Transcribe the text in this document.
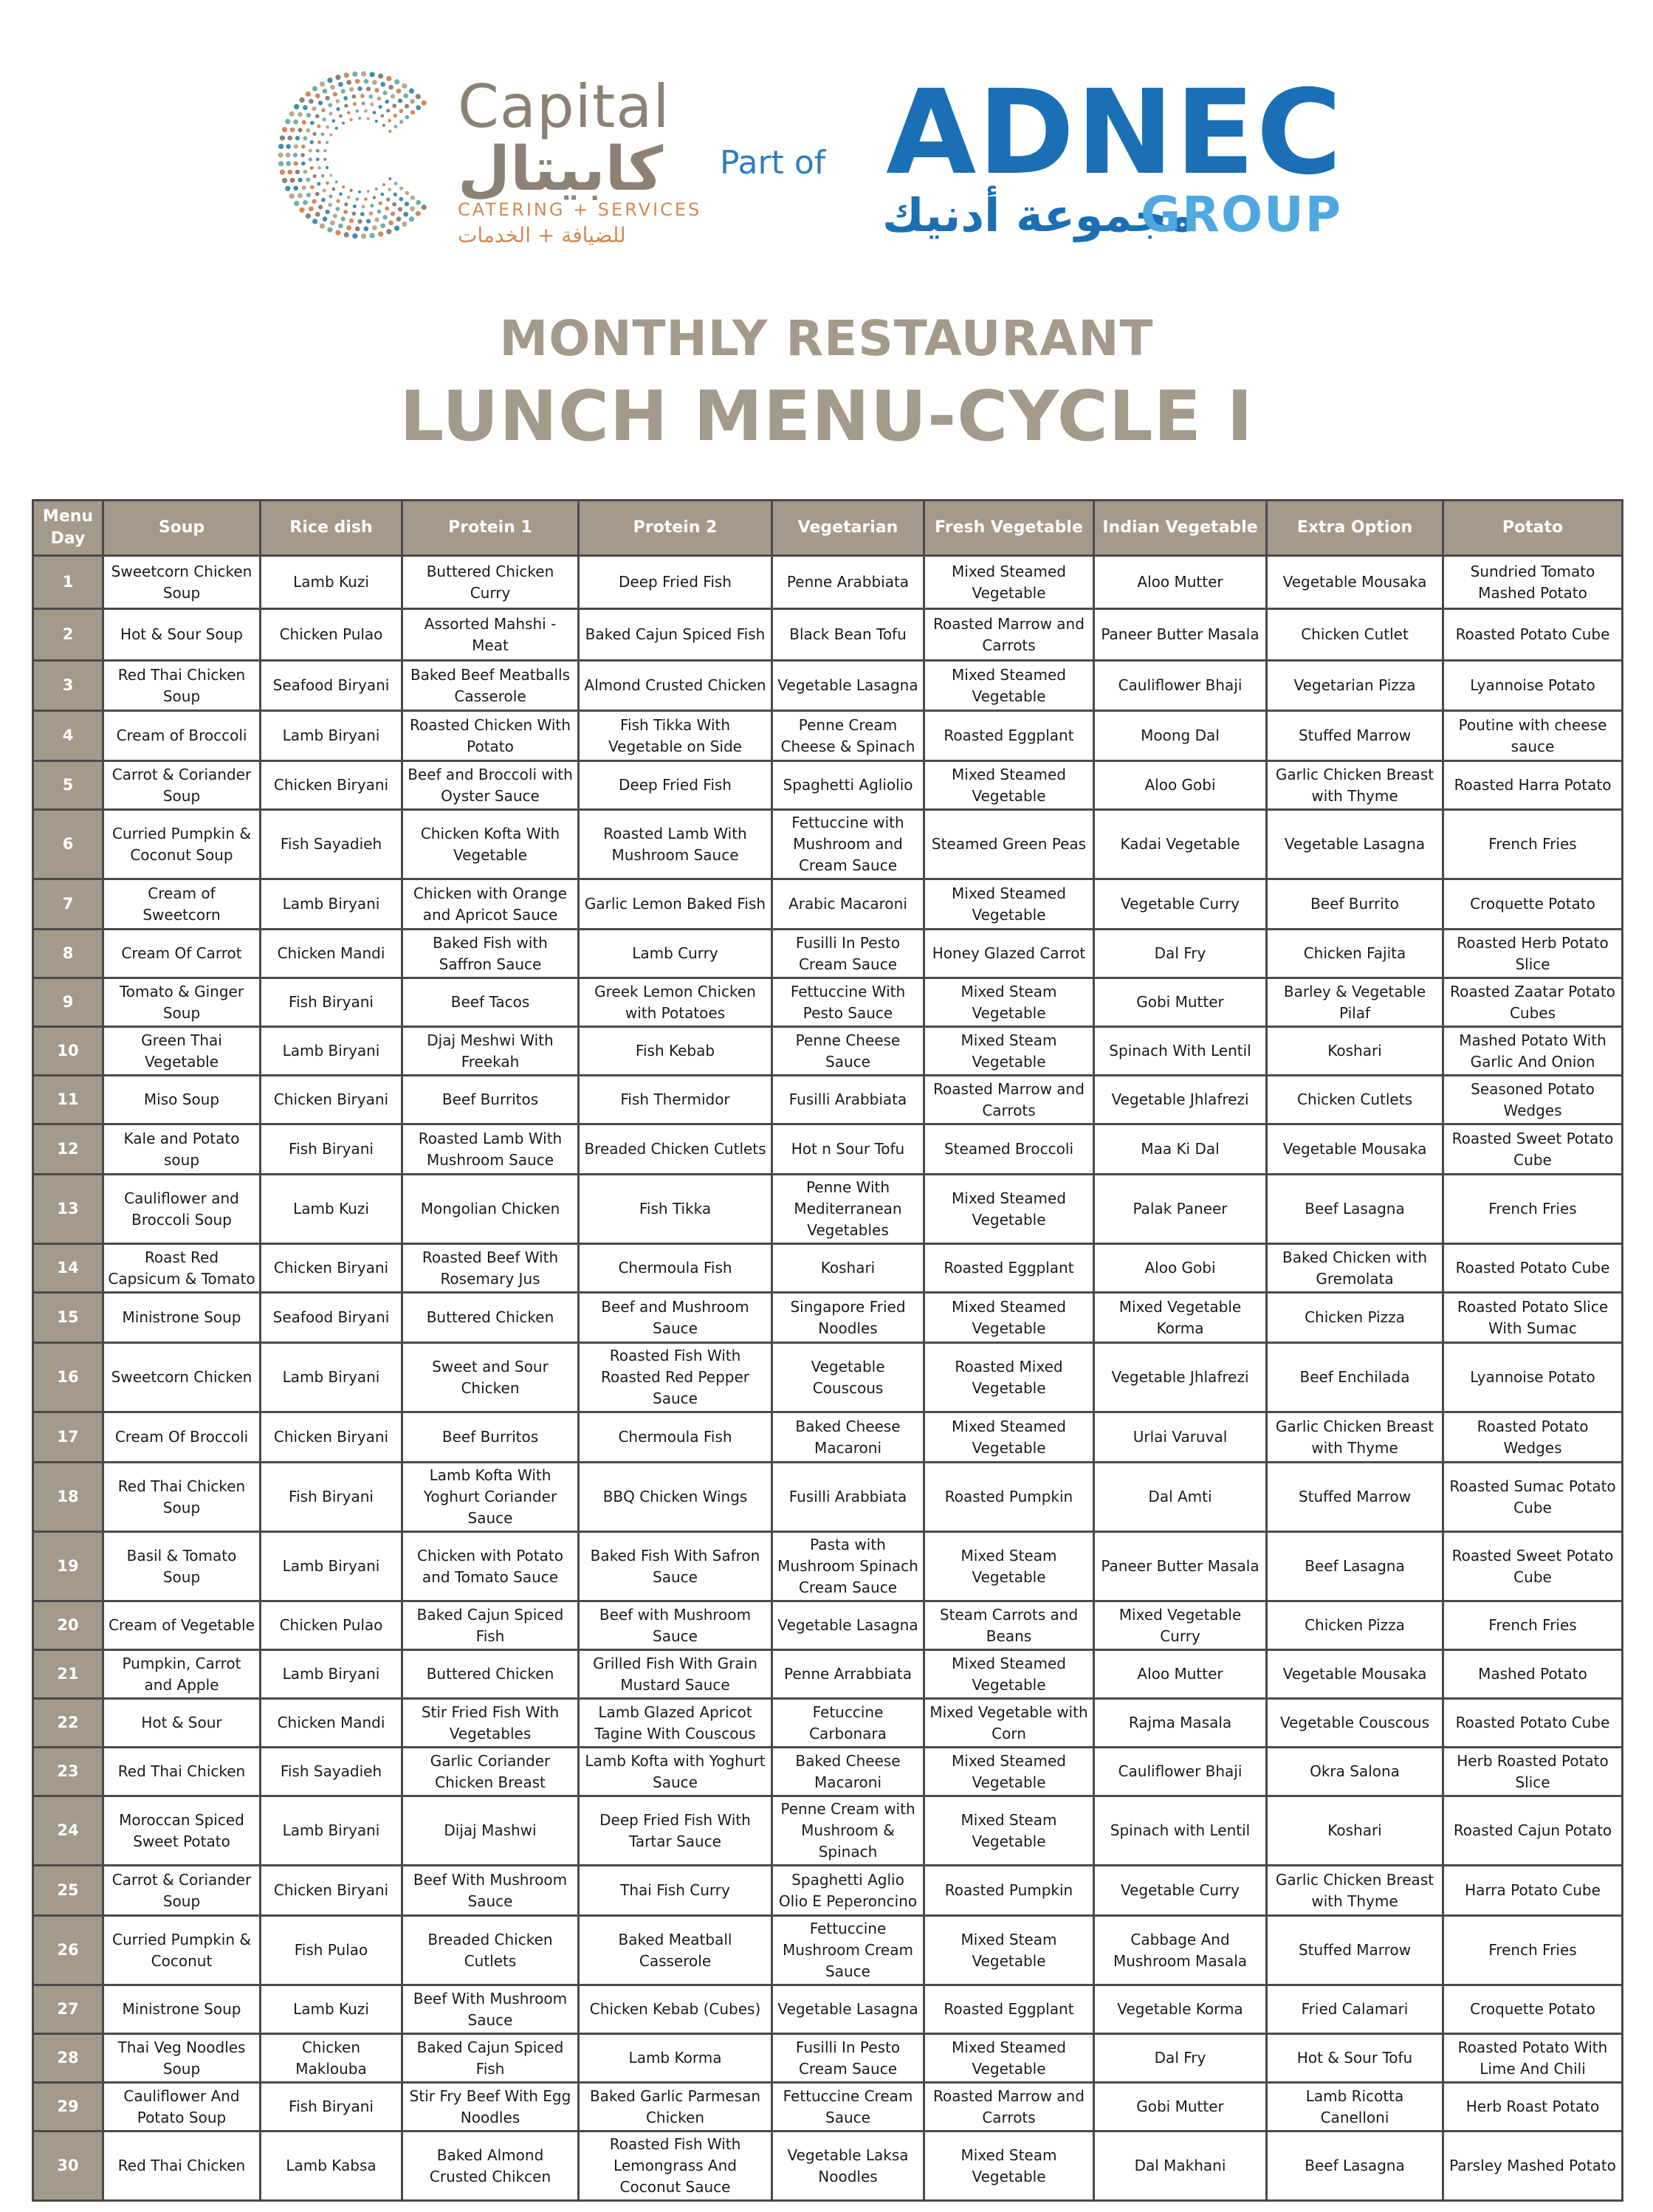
Capital
كابيتال
CATERING + SERVICES
للضيافة + الخدمات
Part of ADNEC
مجموعة أدنيك
GROUP
MONTHLY RESTAURANT
LUNCH MENU-CYCLE I
Menu Day	Soup	Rice dish	Protein 1	Protein 2	Vegetarian	Fresh Vegetable	Indian Vegetable	Extra Option	Potato
1	Sweetcorn Chicken Soup	Lamb Kuzi	Buttered Chicken Curry	Deep Fried Fish	Penne Arabbiata	Mixed Steamed Vegetable	Aloo Mutter	Vegetable Mousaka	Sundried Tomato Mashed Potato
2	Hot & Sour Soup	Chicken Pulao	Assorted Mahshi - Meat	Baked Cajun Spiced Fish	Black Bean Tofu	Roasted Marrow and Carrots	Paneer Butter Masala	Chicken Cutlet	Roasted Potato Cube
3	Red Thai Chicken Soup	Seafood Biryani	Baked Beef Meatballs Casserole	Almond Crusted Chicken	Vegetable Lasagna	Mixed Steamed Vegetable	Cauliflower Bhaji	Vegetarian Pizza	Lyannoise Potato
4	Cream of Broccoli	Lamb Biryani	Roasted Chicken With Potato	Fish Tikka With Vegetable on Side	Penne Cream Cheese & Spinach	Roasted Eggplant	Moong Dal	Stuffed Marrow	Poutine with cheese sauce
5	Carrot & Coriander Soup	Chicken Biryani	Beef and Broccoli with Oyster Sauce	Deep Fried Fish	Spaghetti Agliolio	Mixed Steamed Vegetable	Aloo Gobi	Garlic Chicken Breast with Thyme	Roasted Harra Potato
6	Curried Pumpkin & Coconut Soup	Fish Sayadieh	Chicken Kofta With Vegetable	Roasted Lamb With Mushroom Sauce	Fettuccine with Mushroom and Cream Sauce	Steamed Green Peas	Kadai Vegetable	Vegetable Lasagna	French Fries
7	Cream of Sweetcorn	Lamb Biryani	Chicken with Orange and Apricot Sauce	Garlic Lemon Baked Fish	Arabic Macaroni	Mixed Steamed Vegetable	Vegetable Curry	Beef Burrito	Croquette Potato
8	Cream Of Carrot	Chicken Mandi	Baked Fish with Saffron Sauce	Lamb Curry	Fusilli In Pesto Cream Sauce	Honey Glazed Carrot	Dal Fry	Chicken Fajita	Roasted Herb Potato Slice
9	Tomato & Ginger Soup	Fish Biryani	Beef Tacos	Greek Lemon Chicken with Potatoes	Fettuccine With Pesto Sauce	Mixed Steam Vegetable	Gobi Mutter	Barley & Vegetable Pilaf	Roasted Zaatar Potato Cubes
10	Green Thai Vegetable	Lamb Biryani	Djaj Meshwi With Freekah	Fish Kebab	Penne Cheese Sauce	Mixed Steam Vegetable	Spinach With Lentil	Koshari	Mashed Potato With Garlic And Onion
11	Miso Soup	Chicken Biryani	Beef Burritos	Fish Thermidor	Fusilli Arabbiata	Roasted Marrow and Carrots	Vegetable Jhlafrezi	Chicken Cutlets	Seasoned Potato Wedges
12	Kale and Potato soup	Fish Biryani	Roasted Lamb With Mushroom Sauce	Breaded Chicken Cutlets	Hot n Sour Tofu	Steamed Broccoli	Maa Ki Dal	Vegetable Mousaka	Roasted Sweet Potato Cube
13	Cauliflower and Broccoli Soup	Lamb Kuzi	Mongolian Chicken	Fish Tikka	Penne With Mediterranean Vegetables	Mixed Steamed Vegetable	Palak Paneer	Beef Lasagna	French Fries
14	Roast Red Capsicum & Tomato	Chicken Biryani	Roasted Beef With Rosemary Jus	Chermoula Fish	Koshari	Roasted Eggplant	Aloo Gobi	Baked Chicken with Gremolata	Roasted Potato Cube
15	Ministrone Soup	Seafood Biryani	Buttered Chicken	Beef and Mushroom Sauce	Singapore Fried Noodles	Mixed Steamed Vegetable	Mixed Vegetable Korma	Chicken Pizza	Roasted Potato Slice With Sumac
16	Sweetcorn Chicken	Lamb Biryani	Sweet and Sour Chicken	Roasted Fish With Roasted Red Pepper Sauce	Vegetable Couscous	Roasted Mixed Vegetable	Vegetable Jhlafrezi	Beef Enchilada	Lyannoise Potato
17	Cream Of Broccoli	Chicken Biryani	Beef Burritos	Chermoula Fish	Baked Cheese Macaroni	Mixed Steamed Vegetable	Urlai Varuval	Garlic Chicken Breast with Thyme	Roasted Potato Wedges
18	Red Thai Chicken Soup	Fish Biryani	Lamb Kofta With Yoghurt Coriander Sauce	BBQ Chicken Wings	Fusilli Arabbiata	Roasted Pumpkin	Dal Amti	Stuffed Marrow	Roasted Sumac Potato Cube
19	Basil & Tomato Soup	Lamb Biryani	Chicken with Potato and Tomato Sauce	Baked Fish With Safron Sauce	Pasta with Mushroom Spinach Cream Sauce	Mixed Steam Vegetable	Paneer Butter Masala	Beef Lasagna	Roasted Sweet Potato Cube
20	Cream of Vegetable	Chicken Pulao	Baked Cajun Spiced Fish	Beef with Mushroom Sauce	Vegetable Lasagna	Steam Carrots and Beans	Mixed Vegetable Curry	Chicken Pizza	French Fries
21	Pumpkin, Carrot and Apple	Lamb Biryani	Buttered Chicken	Grilled Fish With Grain Mustard Sauce	Penne Arrabbiata	Mixed Steamed Vegetable	Aloo Mutter	Vegetable Mousaka	Mashed Potato
22	Hot & Sour	Chicken Mandi	Stir Fried Fish With Vegetables	Lamb Glazed Apricot Tagine With Couscous	Fetuccine Carbonara	Mixed Vegetable with Corn	Rajma Masala	Vegetable Couscous	Roasted Potato Cube
23	Red Thai Chicken	Fish Sayadieh	Garlic Coriander Chicken Breast	Lamb Kofta with Yoghurt Sauce	Baked Cheese Macaroni	Mixed Steamed Vegetable	Cauliflower Bhaji	Okra Salona	Herb Roasted Potato Slice
24	Moroccan Spiced Sweet Potato	Lamb Biryani	Dijaj Mashwi	Deep Fried Fish With Tartar Sauce	Penne Cream with Mushroom & Spinach	Mixed Steam Vegetable	Spinach with Lentil	Koshari	Roasted Cajun Potato
25	Carrot & Coriander Soup	Chicken Biryani	Beef With Mushroom Sauce	Thai Fish Curry	Spaghetti Aglio Olio E Peperoncino	Roasted Pumpkin	Vegetable Curry	Garlic Chicken Breast with Thyme	Harra Potato Cube
26	Curried Pumpkin & Coconut	Fish Pulao	Breaded Chicken Cutlets	Baked Meatball Casserole	Fettuccine Mushroom Cream Sauce	Mixed Steam Vegetable	Cabbage And Mushroom Masala	Stuffed Marrow	French Fries
27	Ministrone Soup	Lamb Kuzi	Beef With Mushroom Sauce	Chicken Kebab (Cubes)	Vegetable Lasagna	Roasted Eggplant	Vegetable Korma	Fried Calamari	Croquette Potato
28	Thai Veg Noodles Soup	Chicken Maklouba	Baked Cajun Spiced Fish	Lamb Korma	Fusilli In Pesto Cream Sauce	Mixed Steamed Vegetable	Dal Fry	Hot & Sour Tofu	Roasted Potato With Lime And Chili
29	Cauliflower And Potato Soup	Fish Biryani	Stir Fry Beef With Egg Noodles	Baked Garlic Parmesan Chicken	Fettuccine Cream Sauce	Roasted Marrow and Carrots	Gobi Mutter	Lamb Ricotta Canelloni	Herb Roast Potato
30	Red Thai Chicken	Lamb Kabsa	Baked Almond Crusted Chikcen	Roasted Fish With Lemongrass And Coconut Sauce	Vegetable Laksa Noodles	Mixed Steam Vegetable	Dal Makhani	Beef Lasagna	Parsley Mashed Potato
